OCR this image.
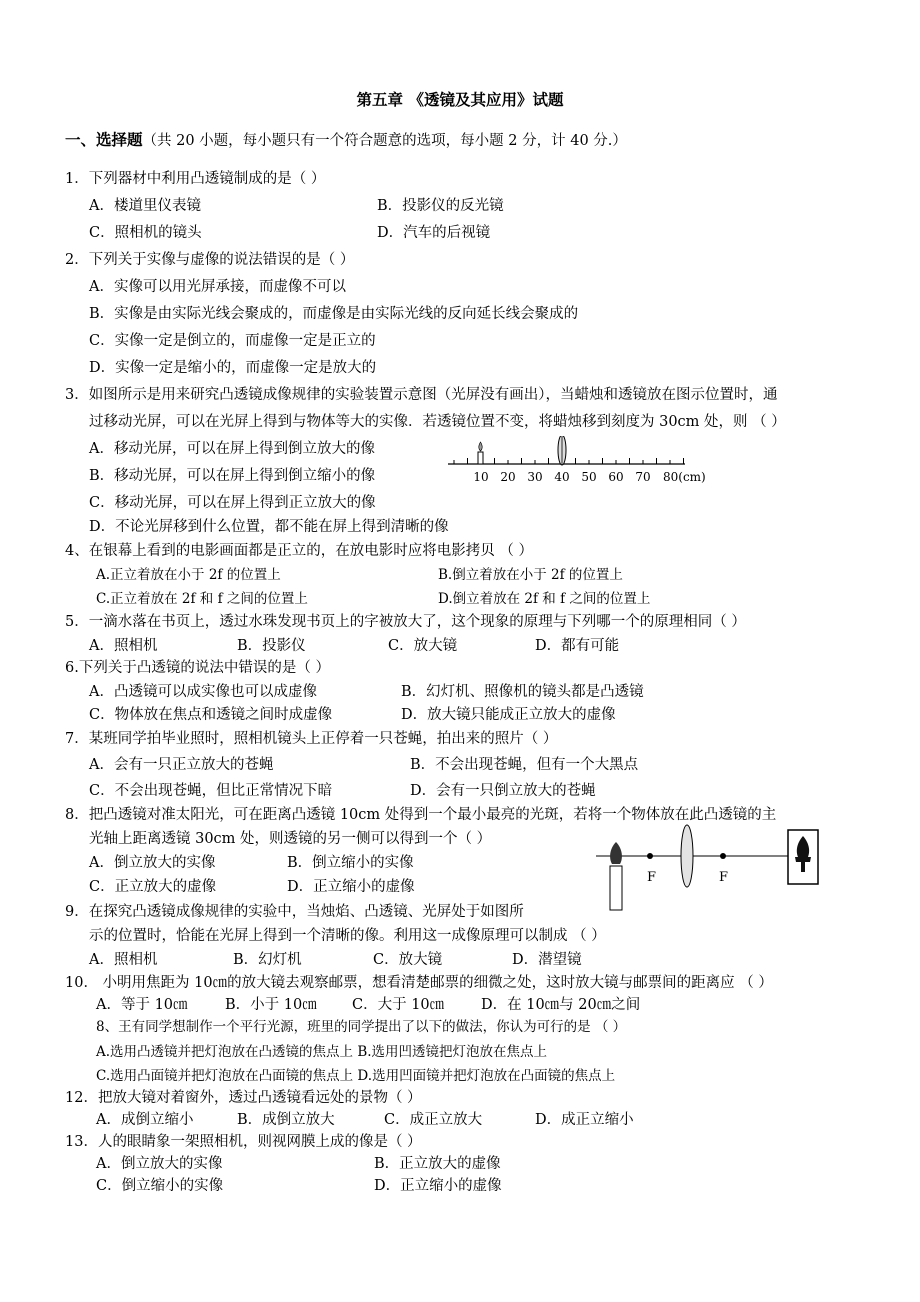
第五章 《透镜及其应用》试题
一、选择题（共 20 小题，每小题只有一个符合题意的选项，每小题 2 分，计 40 分.）
1．下列器材中利用凸透镜制成的是（ ）
A．楼道里仪表镜	B．投影仪的反光镜
C．照相机的镜头	D．汽车的后视镜
2．下列关于实像与虚像的说法错误的是（ ）
A．实像可以用光屏承接，而虚像不可以
B．实像是由实际光线会聚成的，而虚像是由实际光线的反向延长线会聚成的
C．实像一定是倒立的，而虚像一定是正立的
D．实像一定是缩小的，而虚像一定是放大的
3．如图所示是用来研究凸透镜成像规律的实验装置示意图（光屏没有画出），当蜡烛和透镜放在图示位置时，通
过移动光屏，可以在光屏上得到与物体等大的实像．若透镜位置不变，将蜡烛移到刻度为 30cm 处，则 （ ）
A．移动光屏，可以在屏上得到倒立放大的像
B．移动光屏，可以在屏上得到倒立缩小的像
C．移动光屏，可以在屏上得到正立放大的像
D．不论光屏移到什么位置，都不能在屏上得到清晰的像
10 20 30 40 50 60 70 80(cm)
4、在银幕上看到的电影画面都是正立的，在放电影时应将电影拷贝 （ ）
A.正立着放在小于 2f 的位置上	B.倒立着放在小于 2f 的位置上
C.正立着放在 2f 和 f 之间的位置上	D.倒立着放在 2f 和 f 之间的位置上
5．一滴水落在书页上，透过水珠发现书页上的字被放大了，这个现象的原理与下列哪一个的原理相同（ ）
A．照相机	B．投影仪	C．放大镜	D．都有可能
6.下列关于凸透镜的说法中错误的是（ ）
A．凸透镜可以成实像也可以成虚像	B．幻灯机、照像机的镜头都是凸透镜
C．物体放在焦点和透镜之间时成虚像	D．放大镜只能成正立放大的虚像
7．某班同学拍毕业照时，照相机镜头上正停着一只苍蝇，拍出来的照片（ ）
A．会有一只正立放大的苍蝇	B．不会出现苍蝇，但有一个大黑点
C．不会出现苍蝇，但比正常情况下暗	D．会有一只倒立放大的苍蝇
8．把凸透镜对准太阳光，可在距离凸透镜 10cm 处得到一个最小最亮的光斑，若将一个物体放在此凸透镜的主
光轴上距离透镜 30cm 处，则透镜的另一侧可以得到一个（ ）
A．倒立放大的实像	B．倒立缩小的实像
C．正立放大的虚像	D．正立缩小的虚像
F	F
9．在探究凸透镜成像规律的实验中，当烛焰、凸透镜、光屏处于如图所
示的位置时，恰能在光屏上得到一个清晰的像。利用这一成像原理可以制成 （ ）
A．照相机	B．幻灯机	C．放大镜	D．潜望镜
10． 小明用焦距为 10㎝的放大镜去观察邮票，想看清楚邮票的细微之处，这时放大镜与邮票间的距离应 （ ）
A．等于 10㎝	B．小于 10㎝ C．大于 10㎝	D．在 10㎝与 20㎝之间
8、王有同学想制作一个平行光源，班里的同学提出了以下的做法，你认为可行的是 （ ）
A.选用凸透镜并把灯泡放在凸透镜的焦点上 B.选用凹透镜把灯泡放在焦点上
C.选用凸面镜并把灯泡放在凸面镜的焦点上 D.选用凹面镜并把灯泡放在凸面镜的焦点上
12．把放大镜对着窗外，透过凸透镜看远处的景物（ ）
A．成倒立缩小	B．成倒立放大	C．成正立放大	D．成正立缩小
13．人的眼睛象一架照相机，则视网膜上成的像是（ ）
A．倒立放大的实像	B．正立放大的虚像
C．倒立缩小的实像	D．正立缩小的虚像
